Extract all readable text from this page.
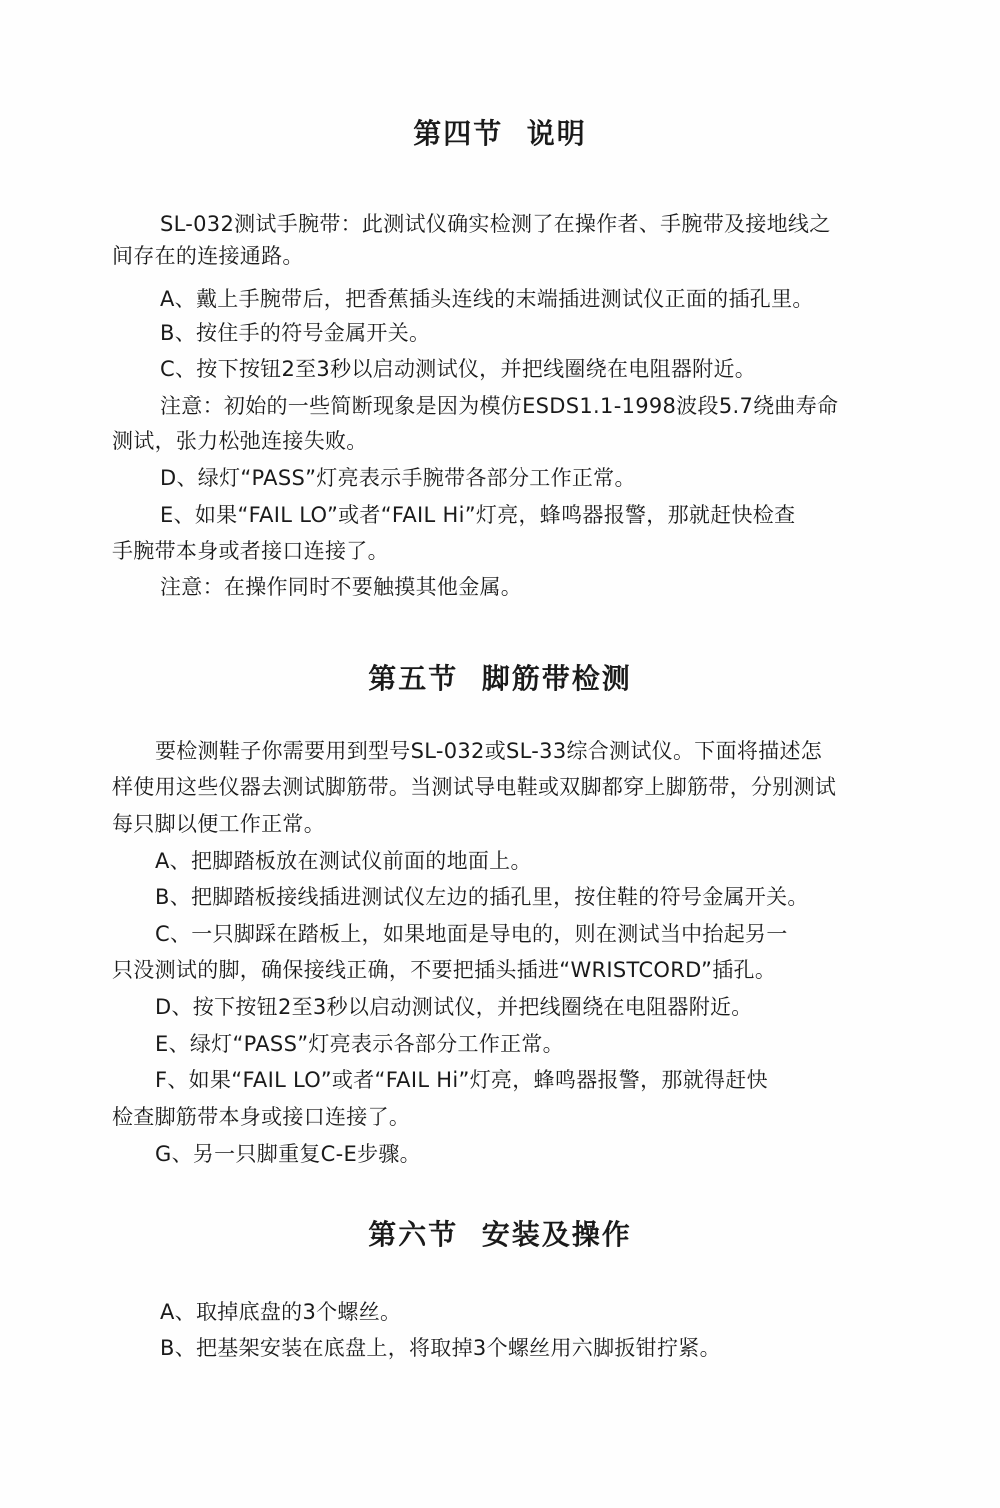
第四节  说明
SL-032测试手腕带：此测试仪确实检测了在操作者、手腕带及接地线之
间存在的连接通路。
A、戴上手腕带后，把香蕉插头连线的末端插进测试仪正面的插孔里。
B、按住手的符号金属开关。
C、按下按钮2至3秒以启动测试仪，并把线圈绕在电阻器附近。
注意：初始的一些简断现象是因为模仿ESDS1.1-1998波段5.7绕曲寿命
测试，张力松弛连接失败。
D、绿灯“PASS”灯亮表示手腕带各部分工作正常。
E、如果“FAIL LO”或者“FAIL Hi”灯亮，蜂鸣器报警，那就赶快检查
手腕带本身或者接口连接了。
注意：在操作同时不要触摸其他金属。
第五节  脚筋带检测
要检测鞋子你需要用到型号SL-032或SL-33综合测试仪。下面将描述怎
样使用这些仪器去测试脚筋带。当测试导电鞋或双脚都穿上脚筋带，分别测试
每只脚以便工作正常。
A、把脚踏板放在测试仪前面的地面上。
B、把脚踏板接线插进测试仪左边的插孔里，按住鞋的符号金属开关。
C、一只脚踩在踏板上，如果地面是导电的，则在测试当中抬起另一
只没测试的脚，确保接线正确，不要把插头插进“WRISTCORD”插孔。
D、按下按钮2至3秒以启动测试仪，并把线圈绕在电阻器附近。
E、绿灯“PASS”灯亮表示各部分工作正常。
F、如果“FAIL LO”或者“FAIL Hi”灯亮，蜂鸣器报警，那就得赶快
检查脚筋带本身或接口连接了。
G、另一只脚重复C-E步骤。
第六节  安装及操作
A、取掉底盘的3个螺丝。
B、把基架安装在底盘上，将取掉3个螺丝用六脚扳钳拧紧。
